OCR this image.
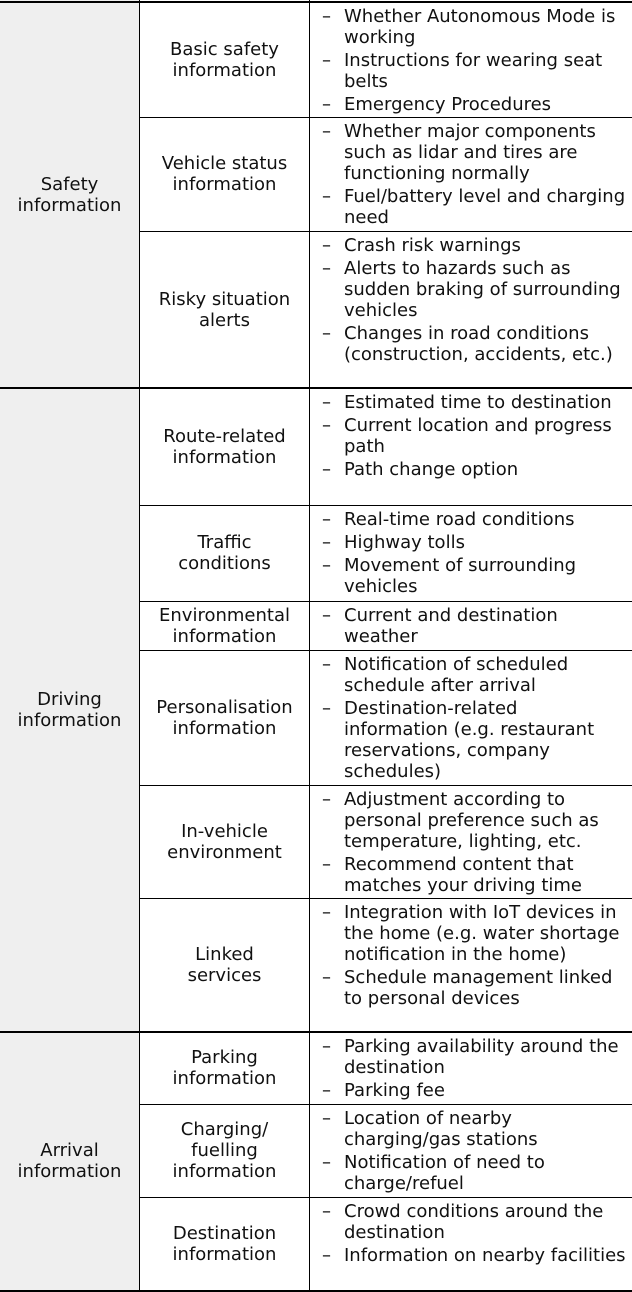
Safety
information
Basic safety
information
– Whether Autonomous Mode is working
– Instructions for wearing seat belts
– Emergency Procedures
Vehicle status
information
– Whether major components such as lidar and tires are functioning normally
– Fuel/battery level and charging need
Risky situation
alerts
– Crash risk warnings
– Alerts to hazards such as sudden braking of surrounding vehicles
– Changes in road conditions (construction, accidents, etc.)
Driving
information
Route-related
information
– Estimated time to destination
– Current location and progress path
– Path change option
Traffic
conditions
– Real-time road conditions
– Highway tolls
– Movement of surrounding vehicles
Environmental
information
– Current and destination weather
Personalisation
information
– Notification of scheduled schedule after arrival
– Destination-related information (e.g. restaurant reservations, company schedules)
In-vehicle
environment
– Adjustment according to personal preference such as temperature, lighting, etc.
– Recommend content that matches your driving time
Linked
services
– Integration with IoT devices in the home (e.g. water shortage notification in the home)
– Schedule management linked to personal devices
Arrival
information
Parking
information
– Parking availability around the destination
– Parking fee
Charging/
fuelling
information
– Location of nearby charging/gas stations
– Notification of need to charge/refuel
Destination
information
– Crowd conditions around the destination
– Information on nearby facilities
